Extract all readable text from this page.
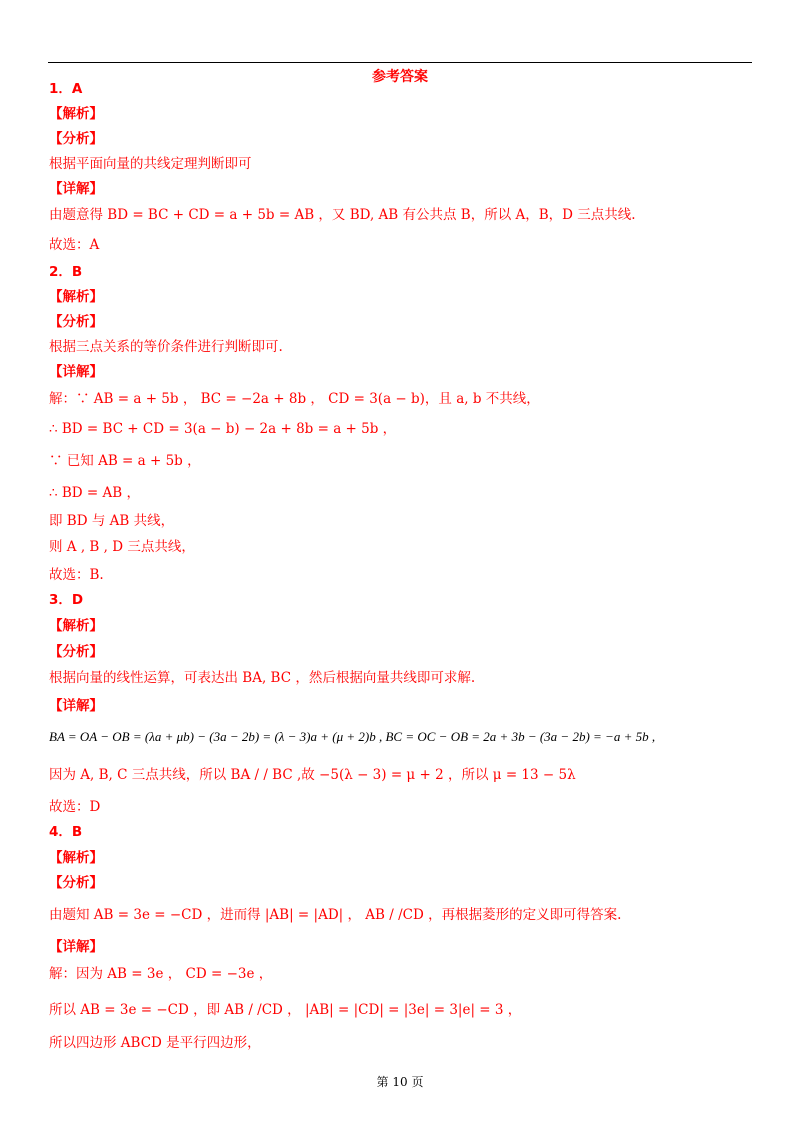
参考答案
1．A
【解析】
【分析】
根据平面向量的共线定理判断即可
【详解】
由题意得 BD = BC + CD = a + 5b = AB ，又 BD, AB 有公共点 B，所以 A，B，D 三点共线.
故选：A
2．B
【解析】
【分析】
根据三点关系的等价条件进行判断即可.
【详解】
解：∵ AB = a + 5b ， BC = −2a + 8b ， CD = 3(a − b)，且 a, b 不共线，
∴ BD = BC + CD = 3(a − b) − 2a + 8b = a + 5b ，
∵ 已知 AB = a + 5b ，
∴ BD = AB ，
即 BD 与 AB 共线，
则 A , B , D 三点共线，
故选：B.
3．D
【解析】
【分析】
根据向量的线性运算，可表达出 BA, BC ，然后根据向量共线即可求解.
【详解】
BA = OA − OB = (λa + μb) − (3a − 2b) = (λ − 3)a + (μ + 2)b , BC = OC − OB = 2a + 3b − (3a − 2b) = −a + 5b ,
因为 A, B, C 三点共线，所以 BA / / BC ,故 −5(λ − 3) = μ + 2 ，所以 μ = 13 − 5λ
故选：D
4．B
【解析】
【分析】
由题知 AB = 3e = −CD ，进而得 |AB| = |AD| ， AB / /CD ，再根据菱形的定义即可得答案.
【详解】
解：因为 AB = 3e ， CD = −3e ，
所以 AB = 3e = −CD ，即 AB / /CD ， |AB| = |CD| = |3e| = 3|e| = 3 ，
所以四边形 ABCD 是平行四边形，
第 10 页
